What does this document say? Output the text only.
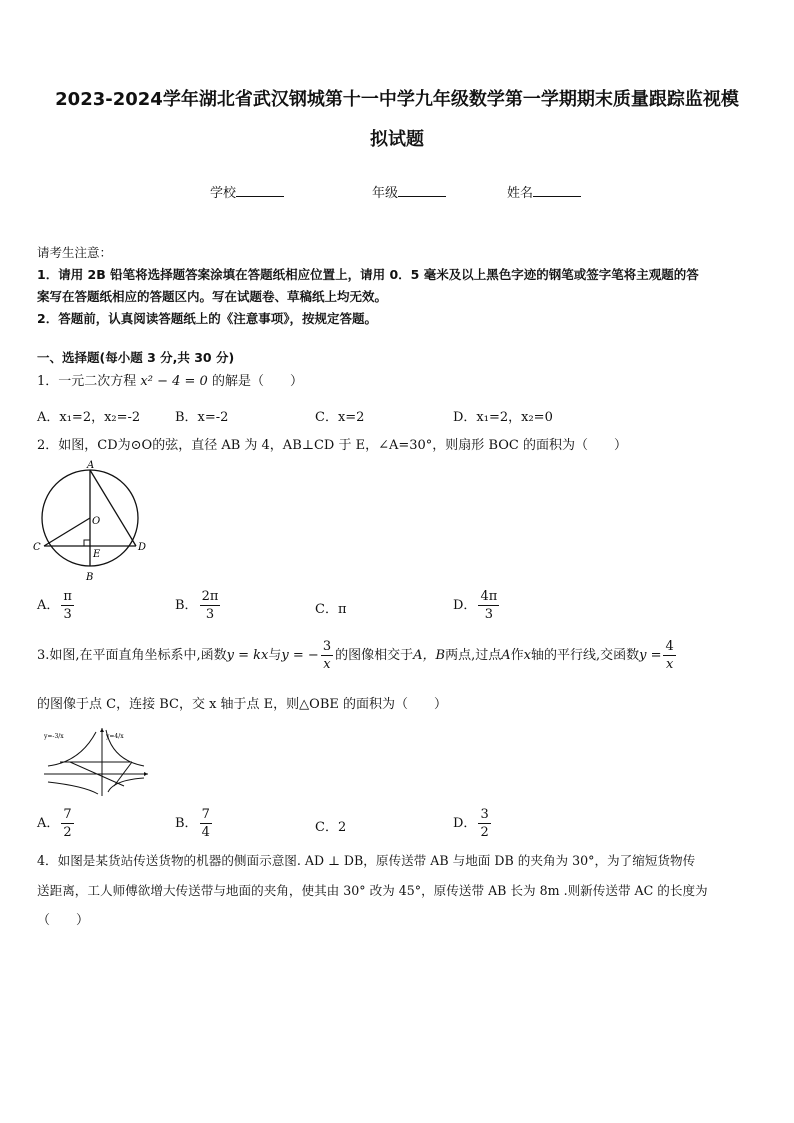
2023-2024学年湖北省武汉钢城第十一中学九年级数学第一学期期末质量跟踪监视模
拟试题
学校	年级	姓名
请考生注意：
1．请用 2B 铅笔将选择题答案涂填在答题纸相应位置上，请用 0．5 毫米及以上黑色字迹的钢笔或签字笔将主观题的答
案写在答题纸相应的答题区内。写在试题卷、草稿纸上均无效。
2．答题前，认真阅读答题纸上的《注意事项》，按规定答题。
一、选择题(每小题 3 分,共 30 分)
1．一元二次方程 x² − 4 = 0 的解是（　　）
A．x₁=2，x₂=-2	B．x=-2	C．x=2	D．x₁=2，x₂=0
2．如图，CD为⊙O的弦，直径 AB 为 4，AB⊥CD 于 E，∠A=30°，则扇形 BOC 的面积为（　　）
A
O
C	D
E
B
A． $\frac{\pi}{3}$	B． $\frac{2\pi}{3}$	C．π	D． $\frac{4\pi}{3}$
3.如图,在平面直角坐标系中,函数y = kx与y = − $\frac{3}{x}$ 的图像相交于A，B两点,过点A作x轴的平行线,交函数$y = \frac{4}{x}$
的图像于点 C，连接 BC，交 x 轴于点 E，则△OBE 的面积为（　　）
y=-3/x	y=4/x
A． $\frac{7}{2}$	B． $\frac{7}{4}$	C．2	D． $\frac{3}{2}$
4．如图是某货站传送货物的机器的侧面示意图. AD ⊥ DB，原传送带 AB 与地面 DB 的夹角为 30°，为了缩短货物传
送距离，工人师傅欲增大传送带与地面的夹角，使其由 30° 改为 45°，原传送带 AB 长为 8m .则新传送带 AC 的长度为
（　　）
